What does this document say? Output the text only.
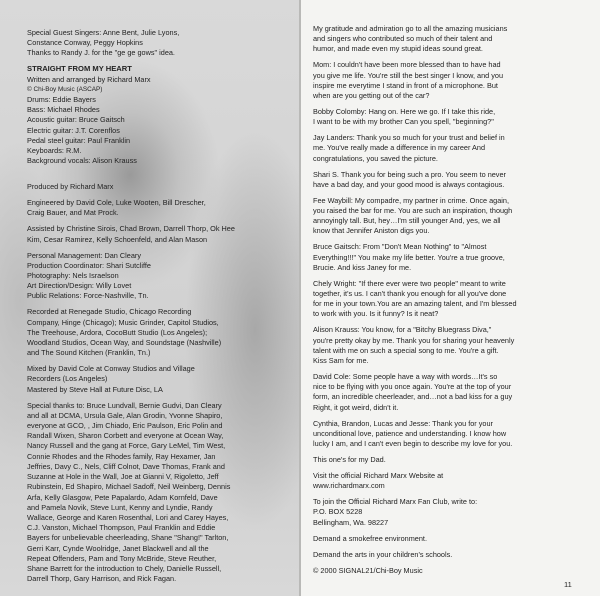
Special Guest Singers: Anne Bent, Julie Lyons,
Constance Conway, Peggy Hopkins
Thanks to Randy J. for the "ge ge gows" idea.
STRAIGHT FROM MY HEART
Written and arranged by Richard Marx
© Chi-Boy Music (ASCAP)
Drums: Eddie Bayers
Bass: Michael Rhodes
Acoustic guitar: Bruce Gaitsch
Electric guitar: J.T. Corenflos
Pedal steel guitar: Paul Franklin
Keyboards: R.M.
Background vocals: Alison Krauss
Produced by Richard Marx
Engineered by David Cole, Luke Wooten, Bill Drescher,
Craig Bauer, and Mat Prock.
Assisted by Christine Sirois, Chad Brown, Darrell Thorp, Ok Hee
Kim, Cesar Ramirez, Kelly Schoenfeld, and Alan Mason
Personal Management: Dan Cleary
Production Coordinator: Shari Sutcliffe
Photography: Nels Israelson
Art Direction/Design: Willy Lovet
Public Relations: Force-Nashville, Tn.
Recorded at Renegade Studio, Chicago Recording
Company, Hinge (Chicago); Music Grinder, Capitol Studios,
The Treehouse, Ardora, CocoButt Studio (Los Angeles);
Woodland Studios, Ocean Way, and Soundstage (Nashville)
and The Sound Kitchen (Franklin, Tn.)
Mixed by David Cole at Conway Studios and Village
Recorders (Los Angeles)
Mastered by Steve Hall at Future Disc, LA
Special thanks to: Bruce Lundvall, Bernie Gudvi, Dan Cleary
and all at DCMA, Ursula Gale, Alan Grodin, Yvonne Shapiro,
everyone at GCO, , Jim Chiado, Eric Paulson, Eric Polin and
Randall Wixen, Sharon Corbett and everyone at Ocean Way,
Nancy Russell and the gang at Force, Gary LeMel, Tim West,
Connie Rhodes and the Rhodes family, Ray Hexamer, Jan
Jeffries, Davy C., Nels, Cliff Colnot, Dave Thomas, Frank and
Suzanne at Hole in the Wall, Joe at Gianni V, Rigoletto, Jeff
Rubinstein, Ed Shapiro, Michael Sadoff, Neil Weinberg, Dennis
Arfa, Kelly Glasgow, Pete Papalardo, Adam Kornfeld, Dave
and Pamela Novik, Steve Lunt, Kenny and Lyndie, Randy
Wallace, George and Karen Rosenthal, Lori and Carey Hayes,
C.J. Vanston, Michael Thompson, Paul Franklin and Eddie
Bayers for unbelievable cheerleading, Shane "Shang!" Tarlton,
Gerri Karr, Cynde Woolridge, Janet Blackwell and all the
Repeat Offenders, Pam and Tony McBride, Steve Reuther,
Shane Barrett for the introduction to Chely, Danielle Russell,
Darrell Thorp, Gary Harrison, and Rick Fagan.
My gratitude and admiration go to all the amazing musicians
and singers who contributed so much of their talent and
humor, and made even my stupid ideas sound great.
Mom: I couldn't have been more blessed than to have had
you give me life. You're still the best singer I know, and you
inspire me everytime I stand in front of a microphone. But
when are you getting out of the car?
Bobby Colomby: Hang on. Here we go. If I take this ride,
I want to be with my brother Can you spell, "beginning?"
Jay Landers: Thank you so much for your trust and belief in
me. You've really made a difference in my career And
congratulations, you saved the picture.
Shari S. Thank you for being such a pro. You seem to never
have a bad day, and your good mood is always contagious.
Fee Waybill: My compadre, my partner in crime. Once again,
you raised the bar for me. You are such an inspiration, though
annoyingly tall. But, hey…I'm still younger And, yes, we all
know that Jennifer Aniston digs you.
Bruce Gaitsch: From "Don't Mean Nothing" to "Almost
Everything!!!" You make my life better. You're a true groove,
Brucie. And kiss Janey for me.
Chely Wright: "If there ever were two people" meant to write
together, it's us. I can't thank you enough for all you've done
for me in your town.You are an amazing talent, and I'm blessed
to work with you. Is it funny? Is it neat?
Alison Krauss: You know, for a "Bitchy Bluegrass Diva,"
you're pretty okay by me. Thank you for sharing your heavenly
talent with me on such a special song to me. You're a gift.
Kiss Sam for me.
David Cole: Some people have a way with words…It's so
nice to be flying with you once again. You're at the top of your
form, an incredible cheerleader, and…not a bad kiss for a guy
Right, it got weird, didn't it.
Cynthia, Brandon, Lucas and Jesse: Thank you for your
unconditional love, patience and understanding. I know how
lucky I am, and I can't even begin to describe my love for you.
This one's for my Dad.
Visit the official Richard Marx Website at
www.richardmarx.com
To join the Official Richard Marx Fan Club, write to:
P.O. BOX 5228
Bellingham, Wa. 98227
Demand a smokefree environment.
Demand the arts in your children's schools.
© 2000 SIGNAL21/Chi-Boy Music
11
